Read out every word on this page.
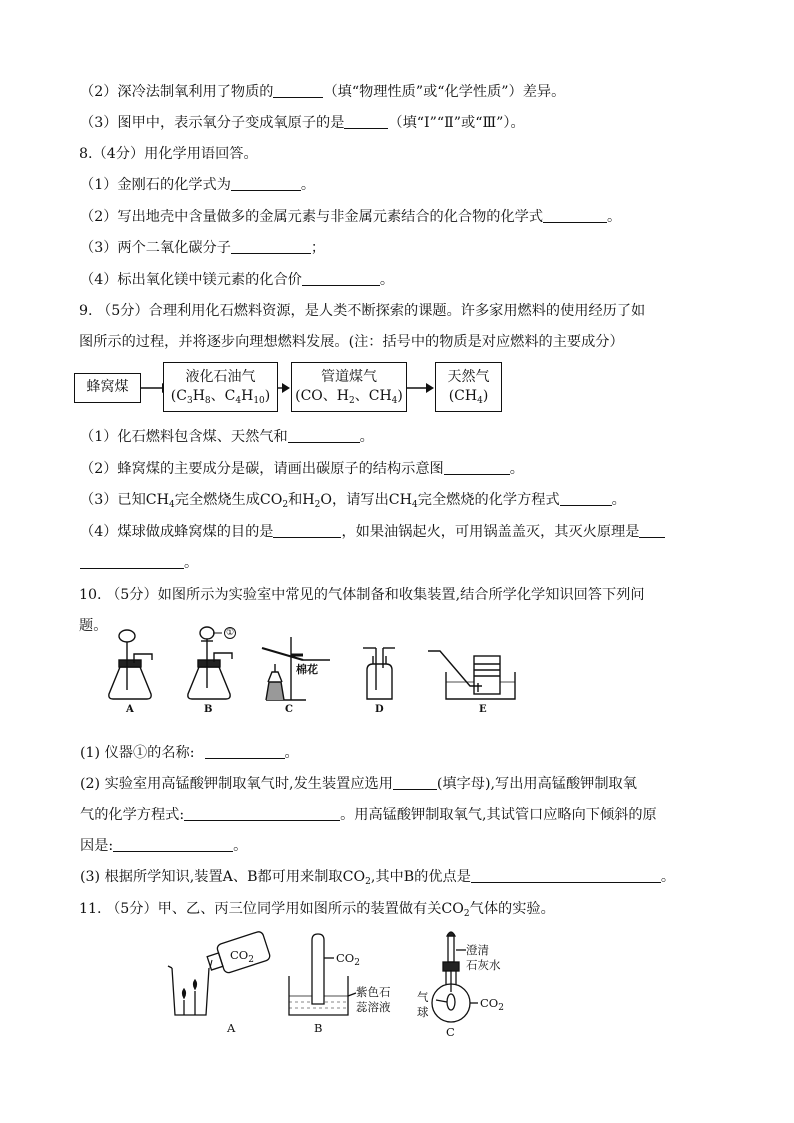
（2）深冷法制氧利用了物质的	（填“物理性质”或“化学性质”）差异。
（3）图甲中，表示氧分子变成氧原子的是	（填“Ⅰ”“Ⅱ”或“Ⅲ”）。
8.（4分）用化学用语回答。
（1）金刚石的化学式为	。
（2）写出地壳中含量做多的金属元素与非金属元素结合的化合物的化学式	。
（3）两个二氧化碳分子	；
（4）标出氧化镁中镁元素的化合价	。
9. （5分）合理利用化石燃料资源，是人类不断探索的课题。许多家用燃料的使用经历了如
图所示的过程，并将逐步向理想燃料发展。(注：括号中的物质是对应燃料的主要成分）
蜂窝煤
液化石油气
($C_3H_8$、$C_4H_{10}$)
管道煤气
(CO、$H_2$、$CH_4$)
天然气
$(CH_4)$
（1）化石燃料包含煤、天然气和	。
（2）蜂窝煤的主要成分是碳，请画出碳原子的结构示意图	。
（3）已知$CH_4$完全燃烧生成$CO_2$和$H_2O$，请写出$CH_4$完全燃烧的化学方程式	。
（4）煤球做成蜂窝煤的目的是	，如果油锅起火，可用锅盖盖灭，其灭火原理是
。
10. （5分）如图所示为实验室中常见的气体制备和收集装置,结合所学化学知识回答下列问
题。	①
棉花
A	B	C	D	E
(1) 仪器①的名称:	。
(2) 实验室用高锰酸钾制取氧气时,发生装置应选用	(填字母),写出用高锰酸钾制取氧
气的化学方程式:	。用高锰酸钾制取氧气,其试管口应略向下倾斜的原
因是:	。
(3) 根据所学知识,装置A、B都可用来制取$CO_2$,其中B的优点是	。
11. （5分）甲、乙、丙三位同学用如图所示的装置做有关$CO_2$气体的实验。
$CO_2$	$CO_2$
紫色石
蕊溶液
澄清
石灰水
气
球
$CO_2$
A	B	C
